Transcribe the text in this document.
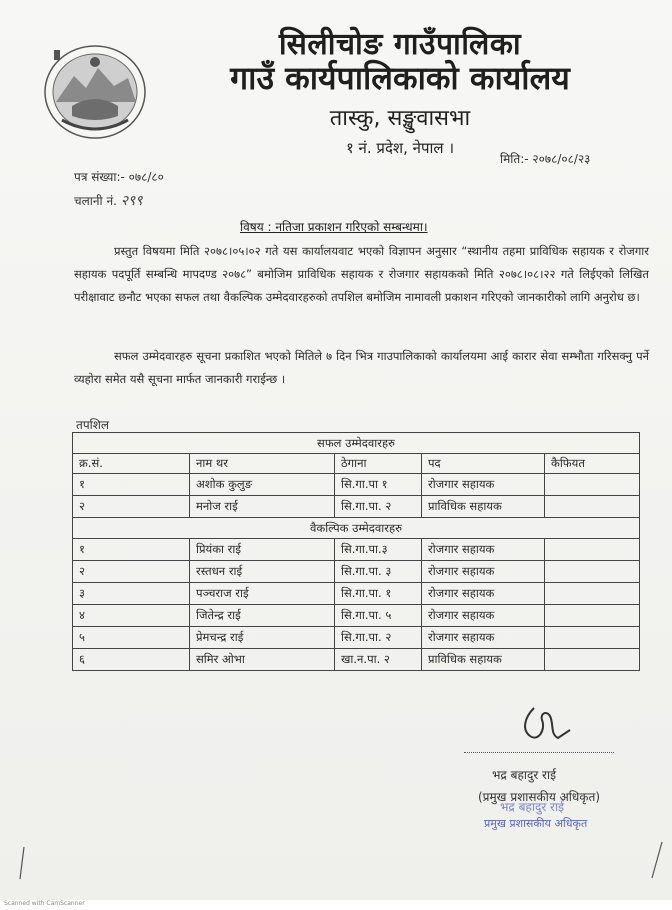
सिलीचोङ गाउँपालिका
गाउँ कार्यपालिकाको कार्यालय
तास्कु, सङ्खुवासभा
१ नं. प्रदेश, नेपाल ।
मिति:- २०७८/०८/२३
पत्र संख्या:- ०७८/८०
चलानी नं. २९९
विषय : नतिजा प्रकाशन गरिएको सम्बन्धमा।
प्रस्तुत विषयमा मिति २०७८।०५।०२ गते यस कार्यालयवाट भएको विज्ञापन अनुसार “स्थानीय तहमा प्राविधिक सहायक र रोजगार सहायक पदपूर्ति सम्बन्धि मापदण्ड २०७८” बमोजिम प्राविधिक सहायक र रोजगार सहायकको मिति २०७८।०८।२२ गते लिईएको लिखित परीक्षावाट छनौट भएका सफल तथा वैकल्पिक उम्मेदवारहरुको तपशिल बमोजिम नामावली प्रकाशन गरिएको जानकारीको लागि अनुरोध छ।
सफल उम्मेदवारहरु सूचना प्रकाशित भएको मितिले ७ दिन भित्र गाउपालिकाको कार्यालयमा आई कारार सेवा सम्भौता गरिसक्नु पर्ने व्यहोरा समेत यसै सूचना मार्फत जानकारी गराईन्छ ।
तपशिल
सफल उम्मेदवारहरु				
क्र.सं.	नाम थर	ठेगाना	पद	कैफियत
१	अशोक कुलुङ	सि.गा.पा १	रोजगार सहायक	
२	मनोज राई	सि.गा.पा. २	प्राविधिक सहायक	
वैकल्पिक उम्मेदवारहरु				
१	प्रियंका राई	सि.गा.पा.३	रोजगार सहायक	
२	रस्तधन राई	सि.गा.पा. ३	रोजगार सहायक	
३	पञ्चराज राई	सि.गा.पा. १	रोजगार सहायक	
४	जितेन्द्र राई	सि.गा.पा. ५	रोजगार सहायक	
५	प्रेमचन्द्र राई	सि.गा.पा. २	रोजगार सहायक	
६	समिर ओभा	खा.न.पा. २	प्राविधिक सहायक	
भद्र बहादुर राई
भद्र बहादुर राई
(प्रमुख प्रशासकीय अधिकृत)
प्रमुख प्रशासकीय अधिकृत
Scanned with CamScanner
